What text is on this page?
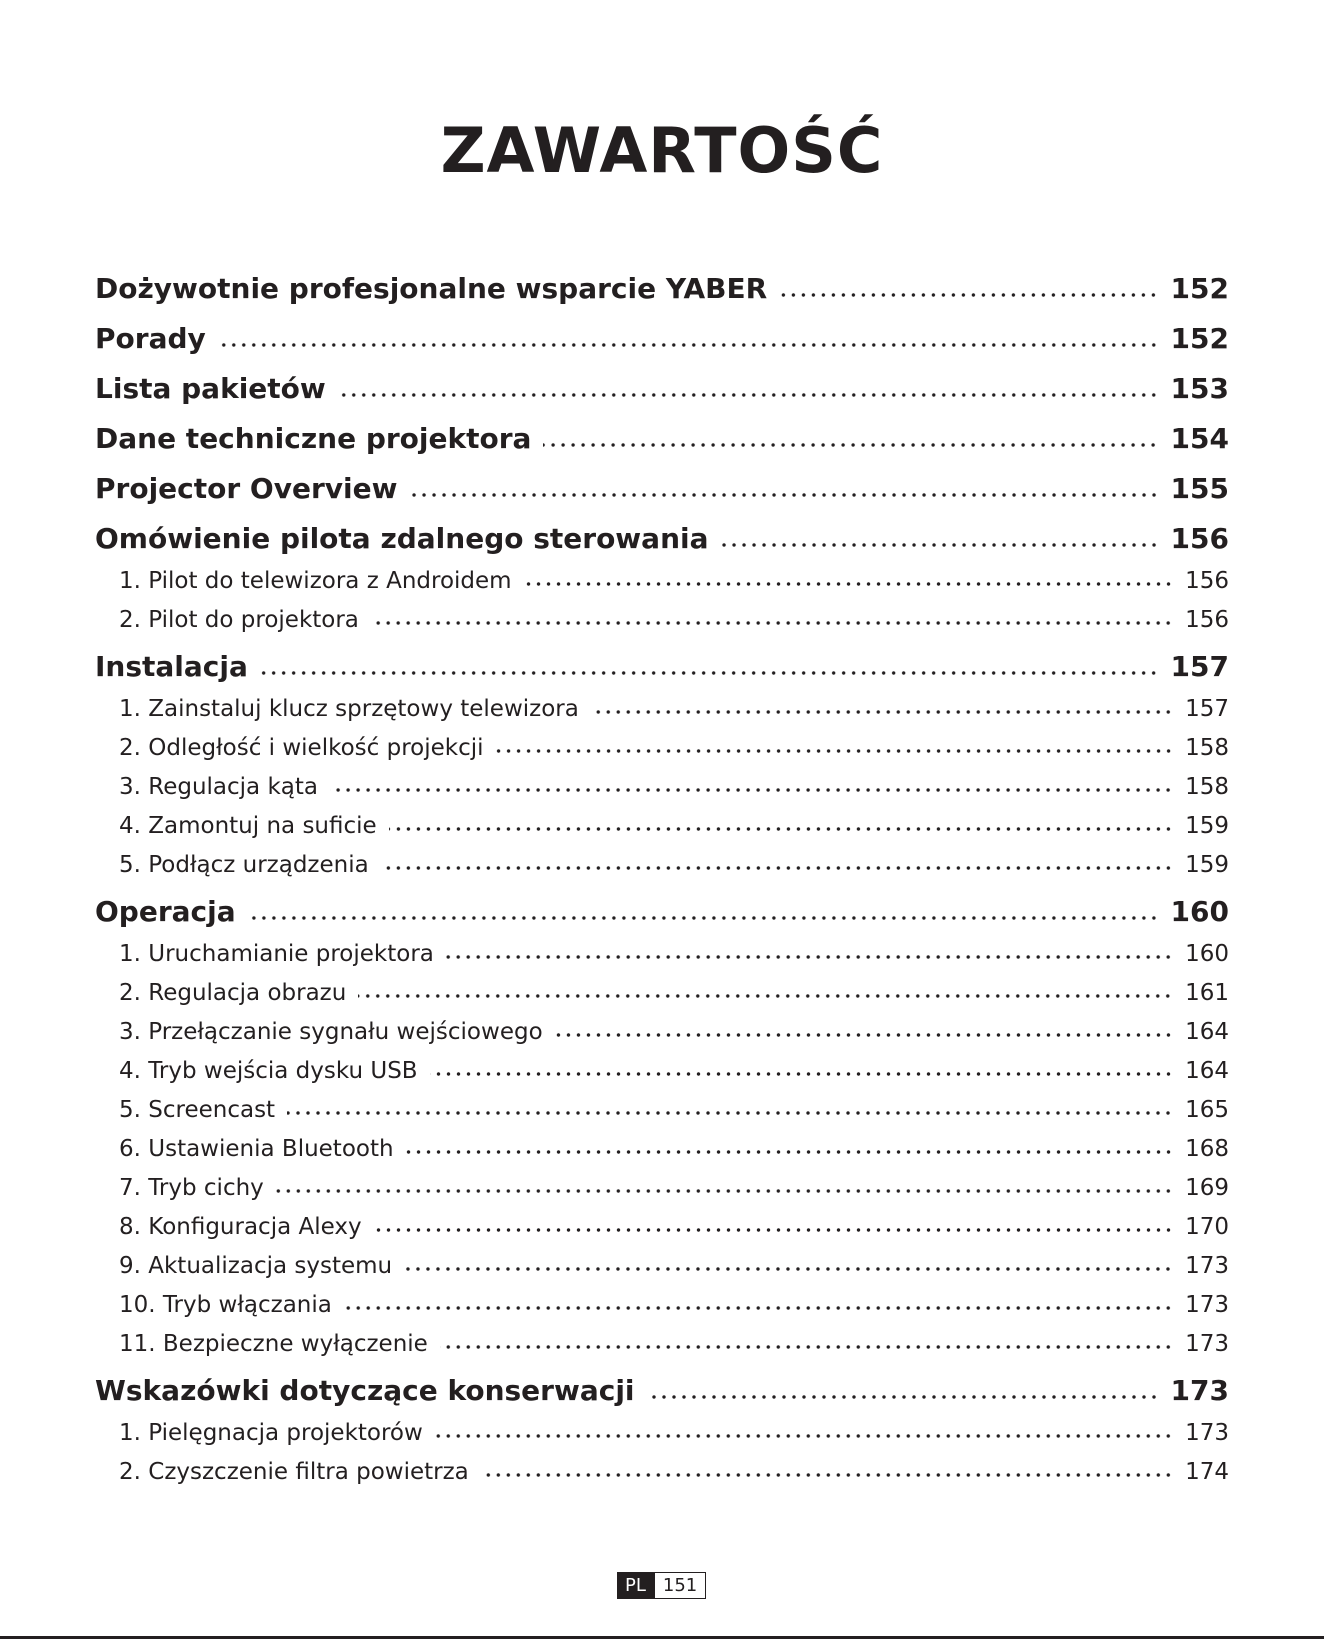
ZAWARTOŚĆ
Dożywotnie profesjonalne wsparcie YABER	152
Porady	152
Lista pakietów	153
Dane techniczne projektora	154
Projector Overview	155
Omówienie pilota zdalnego sterowania	156
1. Pilot do telewizora z Androidem	156
2. Pilot do projektora	156
Instalacja	157
1. Zainstaluj klucz sprzętowy telewizora	157
2. Odległość i wielkość projekcji	158
3. Regulacja kąta	158
4. Zamontuj na suficie	159
5. Podłącz urządzenia	159
Operacja	160
1. Uruchamianie projektora	160
2. Regulacja obrazu	161
3. Przełączanie sygnału wejściowego	164
4. Tryb wejścia dysku USB	164
5. Screencast	165
6. Ustawienia Bluetooth	168
7. Tryb cichy	169
8. Konfiguracja Alexy	170
9. Aktualizacja systemu	173
10. Tryb włączania	173
11. Bezpieczne wyłączenie	173
Wskazówki dotyczące konserwacji	173
1. Pielęgnacja projektorów	173
2. Czyszczenie filtra powietrza	174
PL 151
